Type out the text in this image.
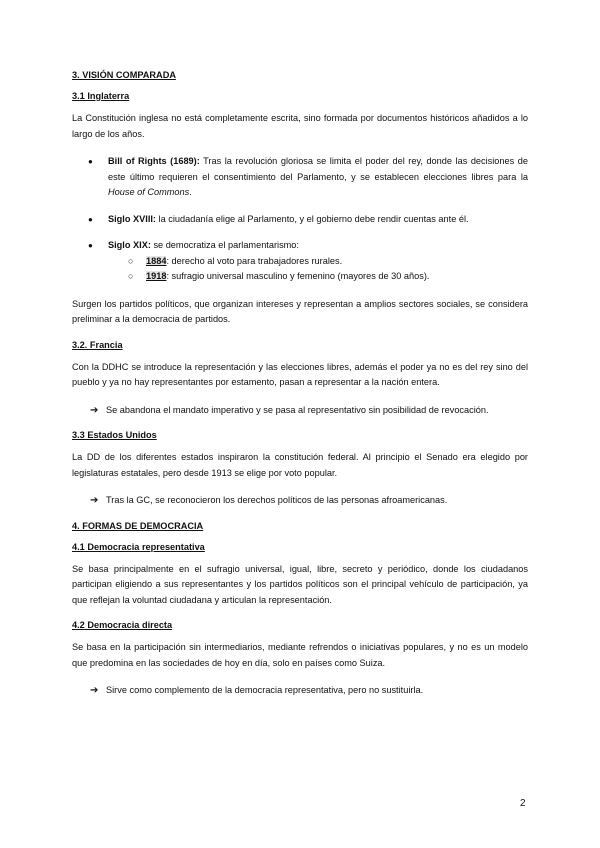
3. VISIÓN COMPARADA
3.1 Inglaterra

La Constitución inglesa no está completamente escrita, sino formada por documentos históricos añadidos a lo largo de los años.

● Bill of Rights (1689): Tras la revolución gloriosa se limita el poder del rey, donde las decisiones de este último requieren el consentimiento del Parlamento, y se establecen elecciones libres para la House of Commons.
● Siglo XVIII: la ciudadanía elige al Parlamento, y el gobierno debe rendir cuentas ante él.
● Siglo XIX: se democratiza el parlamentarismo:
○ 1884: derecho al voto para trabajadores rurales.
○ 1918: sufragio universal masculino y femenino (mayores de 30 años).

Surgen los partidos políticos, que organizan intereses y representan a amplios sectores sociales, se considera preliminar a la democracia de partidos.

3.2. Francia

Con la DDHC se introduce la representación y las elecciones libres, además el poder ya no es del rey sino del pueblo y ya no hay representantes por estamento, pasan a representar a la nación entera.

➔ Se abandona el mandato imperativo y se pasa al representativo sin posibilidad de revocación.
3.3 Estados Unidos

La DD de los diferentes estados inspiraron la constitución federal. Al principio el Senado era elegido por legislaturas estatales, pero desde 1913 se elige por voto popular.

➔ Tras la GC, se reconocieron los derechos políticos de las personas afroamericanas.
4. FORMAS DE DEMOCRACIA
4.1 Democracia representativa

Se basa principalmente en el sufragio universal, igual, libre, secreto y periódico, donde los ciudadanos participan eligiendo a sus representantes y los partidos políticos son el principal vehículo de participación, ya que reflejan la voluntad ciudadana y articulan la representación.

4.2 Democracia directa

Se basa en la participación sin intermediarios, mediante refrendos o iniciativas populares, y no es un modelo que predomina en las sociedades de hoy en día, solo en países como Suiza.

➔ Sirve como complemento de la democracia representativa, pero no sustituirla.
2
